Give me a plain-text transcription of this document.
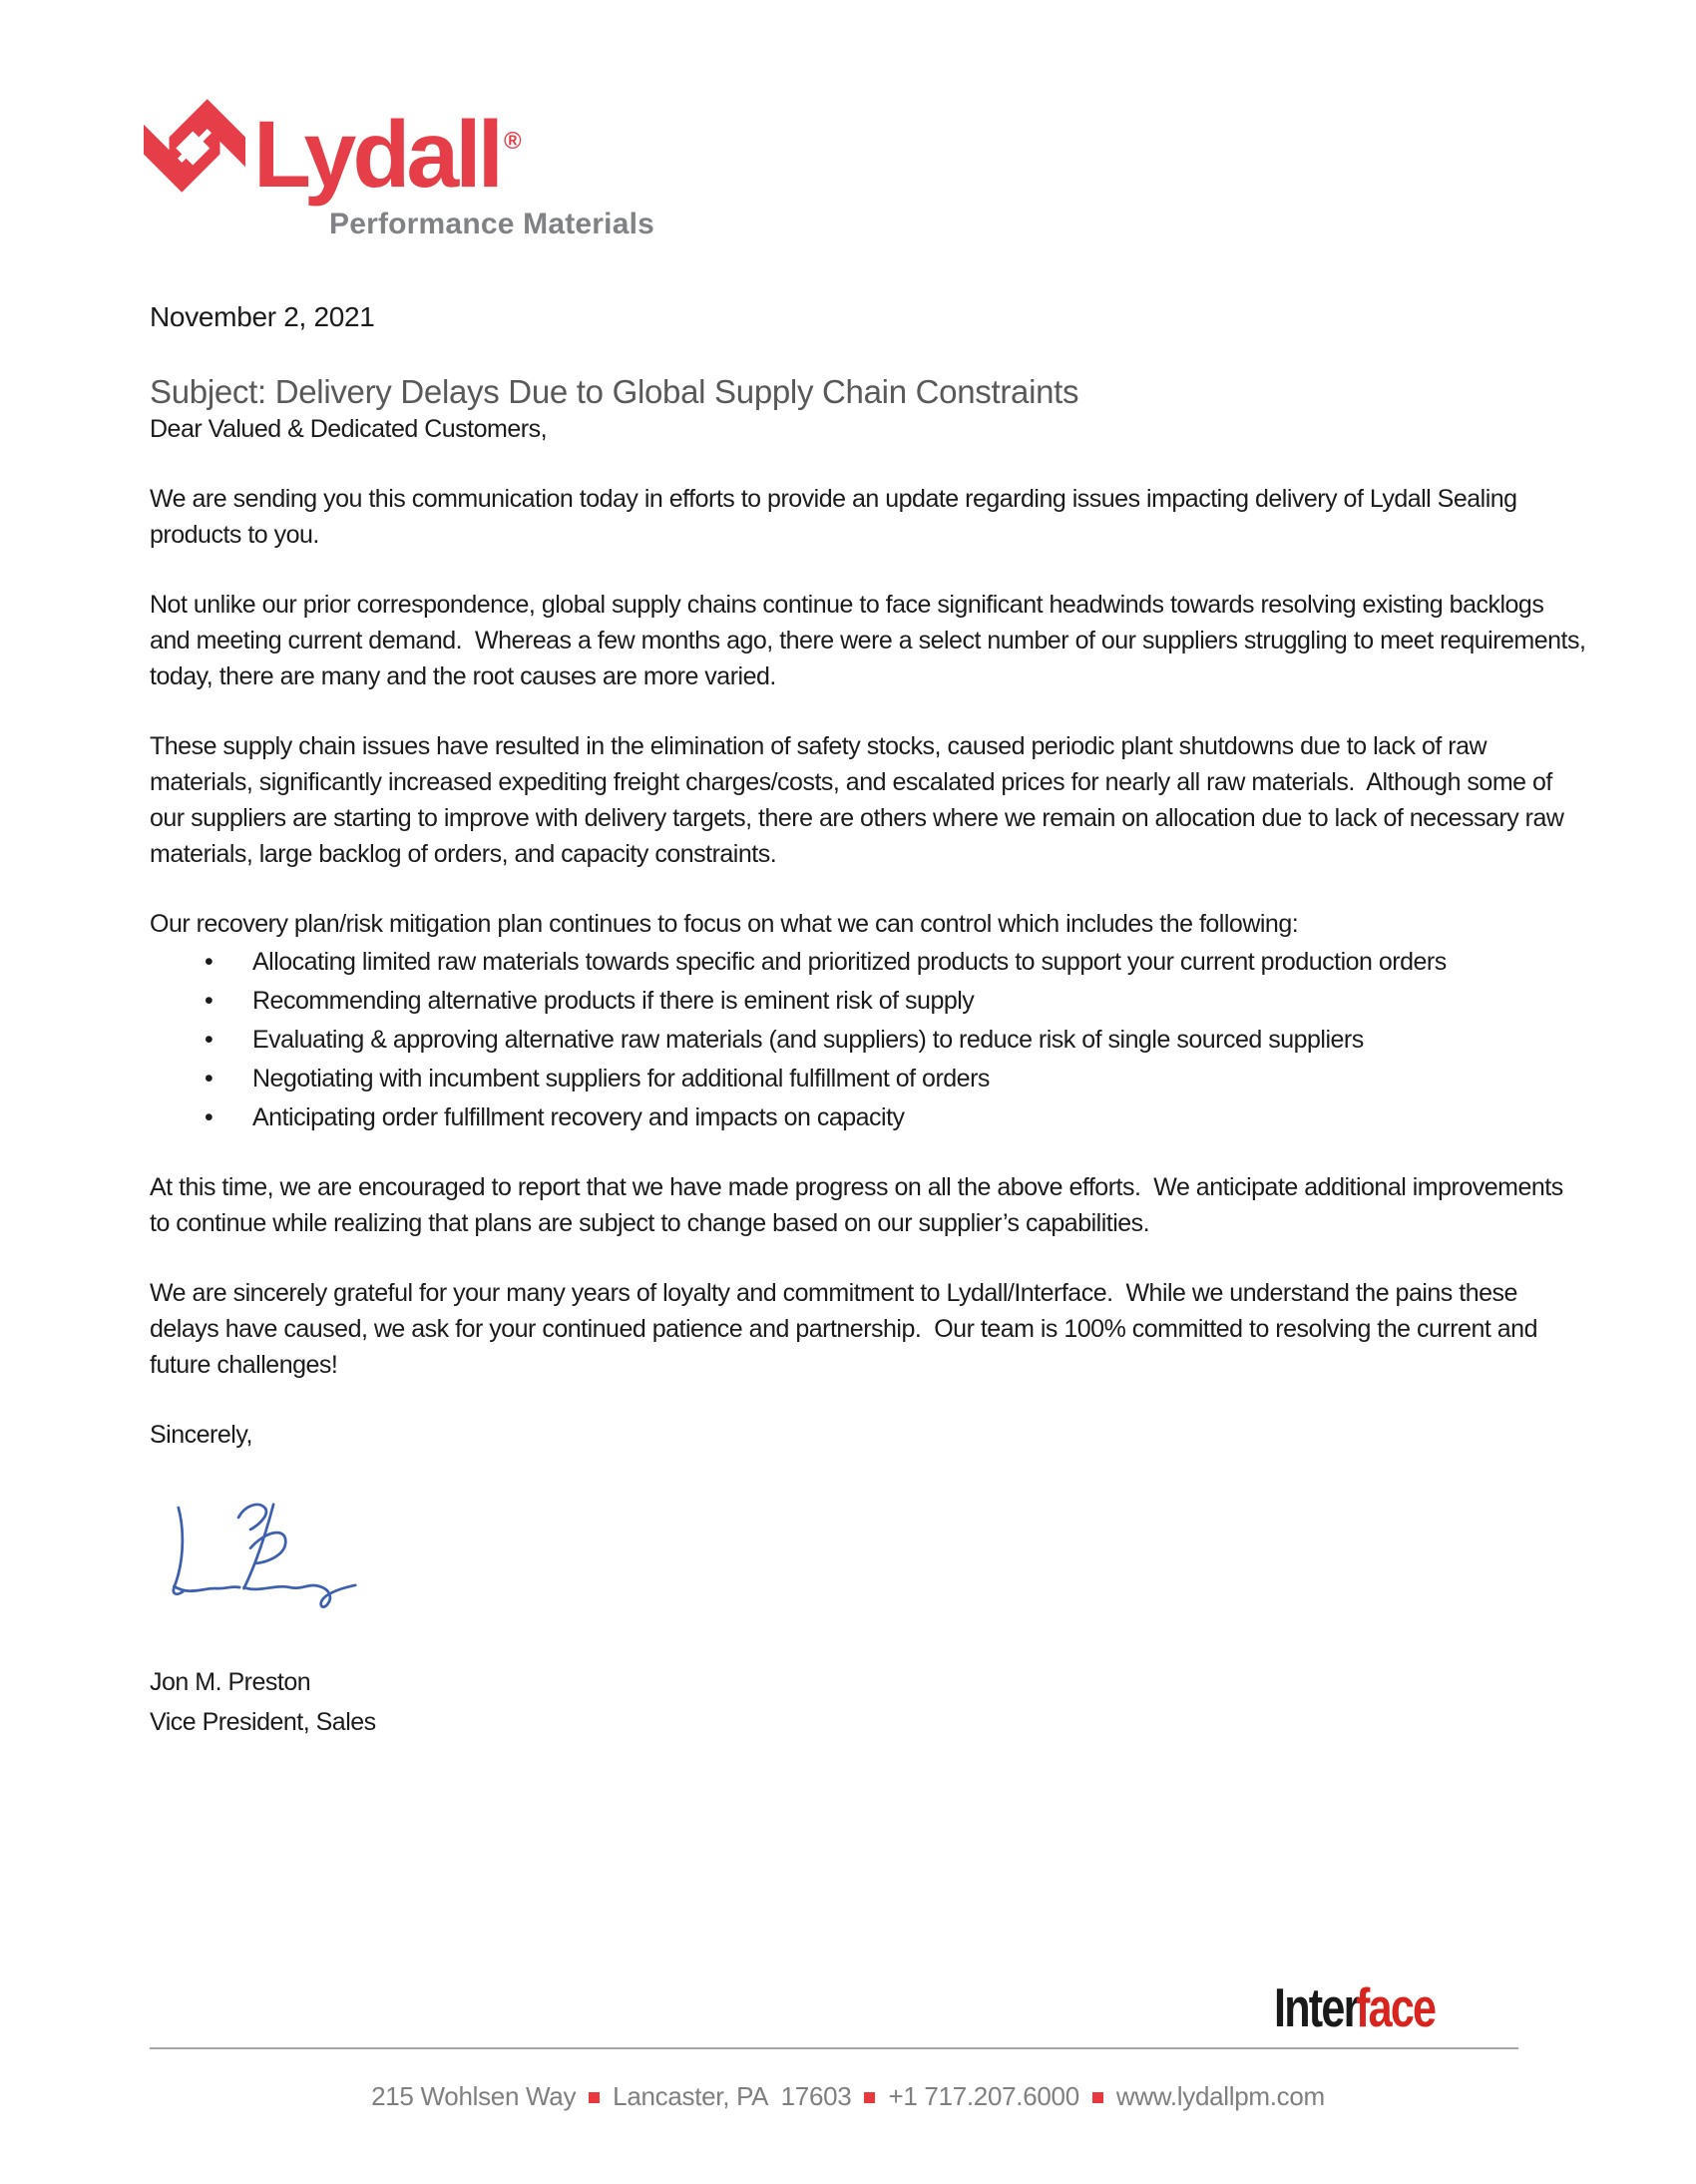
Lydall ®
Performance Materials
November 2, 2021
Subject: Delivery Delays Due to Global Supply Chain Constraints

Dear Valued & Dedicated Customers,

We are sending you this communication today in efforts to provide an update regarding issues impacting delivery of Lydall Sealing products to you.

Not unlike our prior correspondence, global supply chains continue to face significant headwinds towards resolving existing backlogs and meeting current demand.  Whereas a few months ago, there were a select number of our suppliers struggling to meet requirements, today, there are many and the root causes are more varied.

These supply chain issues have resulted in the elimination of safety stocks, caused periodic plant shutdowns due to lack of raw materials, significantly increased expediting freight charges/costs, and escalated prices for nearly all raw materials.  Although some of our suppliers are starting to improve with delivery targets, there are others where we remain on allocation due to lack of necessary raw materials, large backlog of orders, and capacity constraints.

Our recovery plan/risk mitigation plan continues to focus on what we can control which includes the following:

• Allocating limited raw materials towards specific and prioritized products to support your current production orders
• Recommending alternative products if there is eminent risk of supply
• Evaluating & approving alternative raw materials (and suppliers) to reduce risk of single sourced suppliers
• Negotiating with incumbent suppliers for additional fulfillment of orders
• Anticipating order fulfillment recovery and impacts on capacity

At this time, we are encouraged to report that we have made progress on all the above efforts.  We anticipate additional improvements to continue while realizing that plans are subject to change based on our supplier’s capabilities.

We are sincerely grateful for your many years of loyalty and commitment to Lydall/Interface.  While we understand the pains these delays have caused, we ask for your continued patience and partnership.  Our team is 100% committed to resolving the current and future challenges!

Sincerely,

Jon M. Preston
Vice President, Sales
Interface
215 Wohlsen Way Lancaster, PA  17603 +1 717.207.6000 www.lydallpm.com
